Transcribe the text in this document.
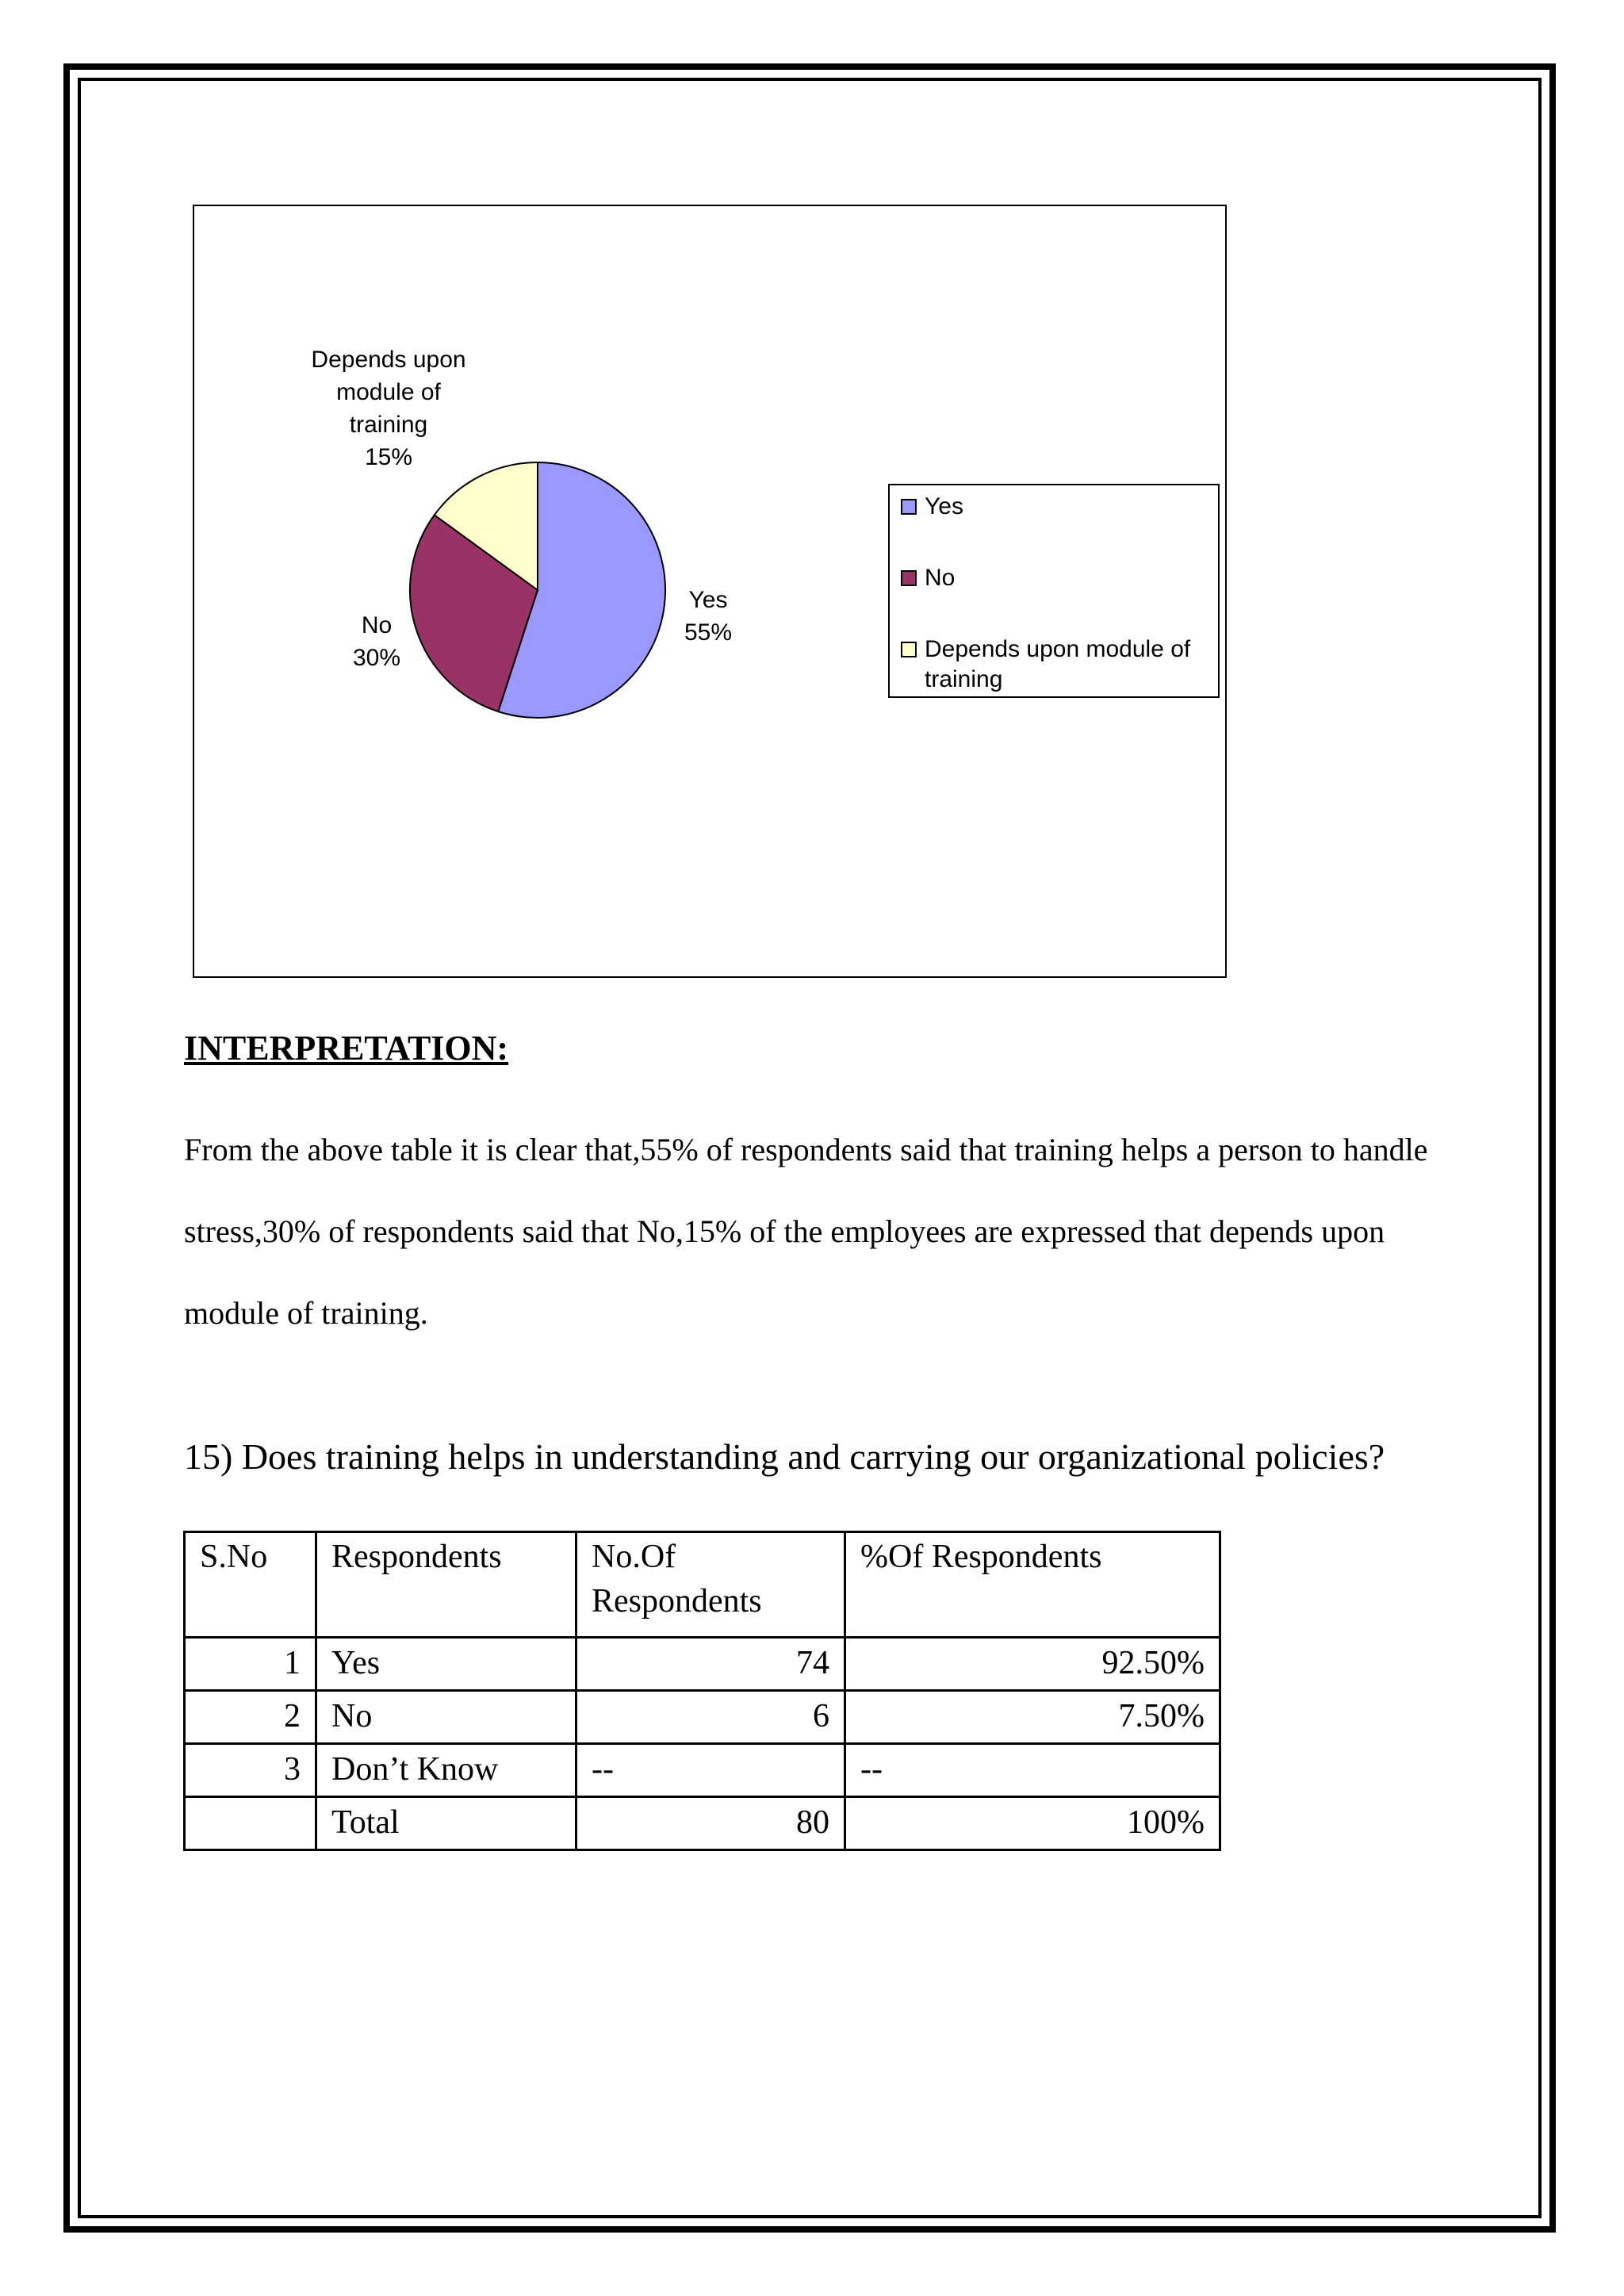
Yes
55%
No
30%
Depends upon
module of
training
15%
Yes
No
Depends upon module of training
INTERPRETATION:
From the above table it is clear that,55% of respondents said that training helps a person to handle stress,30% of respondents said that No,15% of the employees are expressed that depends upon module of training.
15) Does training helps in understanding and carrying our organizational policies?
S.No	Respondents	No.Of Respondents	%Of Respondents
1	Yes	74	92.50%
2	No	6	7.50%
3	Don’t Know	--	--
	Total	80	100%
